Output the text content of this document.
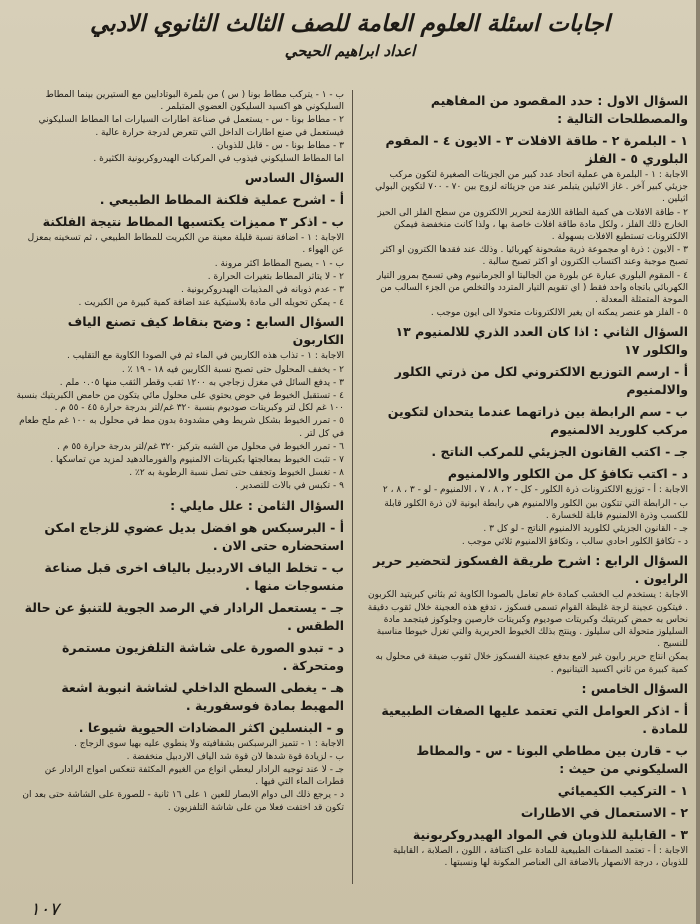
اجابات اسئلة العلوم العامة للصف الثالث الثانوي الادبي
اعداد ابراهيم الحيحي

السؤال الاول : حدد المقصود من المفاهيم والمصطلحات التالية :

١ - البلمرة ٢ - طاقة الافلات ٣ - الايون ٤ - المقوم البلوري ٥ - الفلز

الاجابة : ١ - البلمرة هي عملية اتحاد عدد كبير من الجزيئات الصغيرة لتكون مركب جزيئي كبير آخر . غاز الاثيلين يتبلمر عند من جزيئاته لزوج بين ٧٠ - ٧٠٠ لتكوين البولي اثيلين .

٢ - طاقة الافلات هي كمية الطاقة اللازمة لتحرير الالكترون من سطح الفلز الى الحيز الخارج ذلك الفلز ، ولكل مادة طاقة افلات خاصة بها ، ولذا كانت منخفضة فيمكن الالكترونات تستطيع الافلات بسهولة .

٣ - الايون : ذرة او مجموعة ذرية مشحونة كهربائيا . وذلك عند فقدها الكترون او اكثر تصبح موجبة وعند اكتساب الكترون او اكثر تصبح سالبة .

٤ - المقوم البلوري عبارة عن بلورة من الجاليتا او الجرمانيوم وهي تسمح بمرور التيار الكهربائي باتجاه واحد فقط ( اي تقويم التيار المتردد والتخلص من الجزء السالب من الموجة المتمثلة المعدلة .

٥ - الفلز هو عنصر يمكنه ان يغير الالكترونات متحولا الى ايون موجب .

السؤال الثاني : اذا كان العدد الذري للالمنيوم ١٣ والكلور ١٧

أ - ارسم التوزيع الالكتروني لكل من ذرتي الكلور والالمنيوم

ب - سم الرابطة بين ذراتهما عندما يتحدان لتكوين مركب كلوريد الالمنيوم

جـ - اكتب القانون الجزيئي للمركب الناتج .

د - اكتب تكافؤ كل من الكلور والالمنيوم

الاجابة : أ - توزيع الالكترونات ذرة الكلور - كل - ٢ ، ٨ ، ٧ ، الالمنيوم - لو - ٣ ، ٨ ، ٢

ب - الرابطة التي تتكون بين الكلور والالمنيوم هي رابطة ايونية لان ذرة الكلور قابلة للكسب وذرة الالمنيوم قابلة للخسارة .

جـ - القانون الجزيئي لكلوريد الالمنيوم الناتج - لو كل ٣ .

د - تكافؤ الكلور احادي سالب ، وتكافؤ الالمنيوم ثلاثي موجب .

السؤال الرابع : اشرح طريقة الفسكوز لتحضير حرير الرايون .

الاجابة : يستخدم لب الخشب كمادة خام تعامل بالصودا الكاوية ثم بثاني كبريتيد الكربون . فيتكون عجينة لزجة غليظة القوام تسمى فسكوز ، تدفع هذه العجينة خلال ثقوب دقيقة نحاس به حمض كبريتيك وكبريتات صوديوم وكبريتات خارصين وجلوكوز فيتجمد مادة السليلوز متحولة الى سليلوز . وينتج بذلك الخيوط الحريرية والتي تغزل خيوطا مناسبة للنسيج .

يمكن انتاج حرير رايون غير لامع بدفع عجينة الفسكوز خلال ثقوب ضيقة في محلول به كمية كبيرة من ثاني اكسيد التيتانيوم .

السؤال الخامس :

أ - اذكر العوامل التي تعتمد عليها الصفات الطبيعية للمادة .

ب - قارن بين مطاطي البونا - س - والمطاط السليكوني من حيث :

١ - التركيب الكيميائي

٢ - الاستعمال في الاطارات

٣ - القابلية للذوبان في المواد الهيدروكربونية

الاجابة : أ - تعتمد الصفات الطبيعية للمادة على اكتنافة ، اللون ، الصلابة ، القابلية للذوبان ، درجة الانصهار بالاضافة الى العناصر المكونة لها ونسبتها .

ب - ١ - يتركب مطاط بونا ( س ) من بلمرة البوتادايين مع الستيرين بينما المطاط السليكوني هو اكسيد السليكون العضوي المتبلمر .

٢ - مطاط بونا - س - يستعمل في صناعة اطارات السيارات اما المطاط السليكوني فيستعمل في صنع اطارات الداخل التي تتعرض لدرجة حرارة عالية .

٣ - مطاط بونا - س - قابل للذوبان .

اما المطاط السليكوني فيذوب في المركبات الهيدروكربونية الكثيرة .

السؤال السادس

أ - اشرح عملية فلكنة المطاط الطبيعي .

ب - اذكر ٣ مميزات يكتسبها المطاط نتيجة الفلكنة

الاجابة : ١ - اضافة نسبة قليلة معينة من الكبريت للمطاط الطبيعي ، ثم تسخينه بمعزل عن الهواء .

ب - ١ - يصبح المطاط اكثر مرونة .

٢ - لا يتاثر المطاط بتغيرات الحرارة .

٣ - عدم ذوبانه في المذيبات الهيدروكربونية .

٤ - يمكن تحويله الى مادة بلاستيكية عند اضافة كمية كبيرة من الكبريت .

السؤال السابع : وضح بنقاط كيف تصنع الياف الكاربون

الاجابة : ١ - تذاب هذه الكاربين في الماء ثم في الصودا الكاوية مع التقليب .

٢ - يخفف المحلول حتى تصبح نسبة الكاربين فيه ١٨ - ١٩ ٪ .

٣ - يدفع السائل في مغزل زجاجي به ١٢٠٠ ثقب وقطر الثقب منها ٠.٠٥ ملم .

٤ - تستقبل الخيوط في حوض يحتوي على محلول مائي يتكون من حامض الكبريتيك بنسبة ١٠٠ غم لكل لتر وكبريتات صوديوم بنسبة ٣٢٠ غم/لتر بدرجة حرارة ٤٥ - ٥٥ م .

٥ - تمرر الخيوط بشكل شريط وهي مشدودة بدون مط في محلول به ١٠٠ غم ملح طعام في كل لتر .

٦ - تمرر الخيوط في محلول من الشبه بتركيز ٣٢٠ غم/لتر بدرجة حرارة ٥٥ م .

٧ - تثبت الخيوط بمعالجتها بكبريتات الالمنيوم والفورمالدهيد لمزيد من تماسكها .

٨ - تغسل الخيوط وتجفف حتى تصل نسبة الرطوبة به ٢٪ .

٩ - تكبس في بالات للتصدير .

السؤال الثامن : علل مايلي :

أ - البرسبكس هو افضل بديل عضوي للزجاج امكن استحضاره حتى الان .

ب - تخلط الياف الاردبيل بالياف اخرى قبل صناعة منسوجات منها .

جـ - يستعمل الرادار في الرصد الجوية للتنبؤ عن حالة الطقس .

د - تبدو الصورة على شاشة التلفزيون مستمرة ومتحركة .

هـ - يغطى السطح الداخلي لشاشة انبوبة اشعة المهبط بمادة فوسفورية .

و - البنسلين اكثر المضادات الحيوية شيوعا .

الاجابة : ١ - تتميز البرسبكس بشفافيته ولا ينطوي عليه بهيا سوى الزجاج .

ب - لزيادة قوة شدها لان قوة شد الياف الاردبيل منخفضة .

جـ - لا عند توجيه الرادار ليعطي انواع من الغيوم المكثفة تنعكس امواج الرادار عن قطرات الماء التي فيها .

د - يرجع ذلك الى دوام الابصار للعين ١ على ١٦ ثانية - للصورة على الشاشة حتى بعد ان تكون قد اختفت فعلا من على شاشة التلفزيون .

١٠٧
